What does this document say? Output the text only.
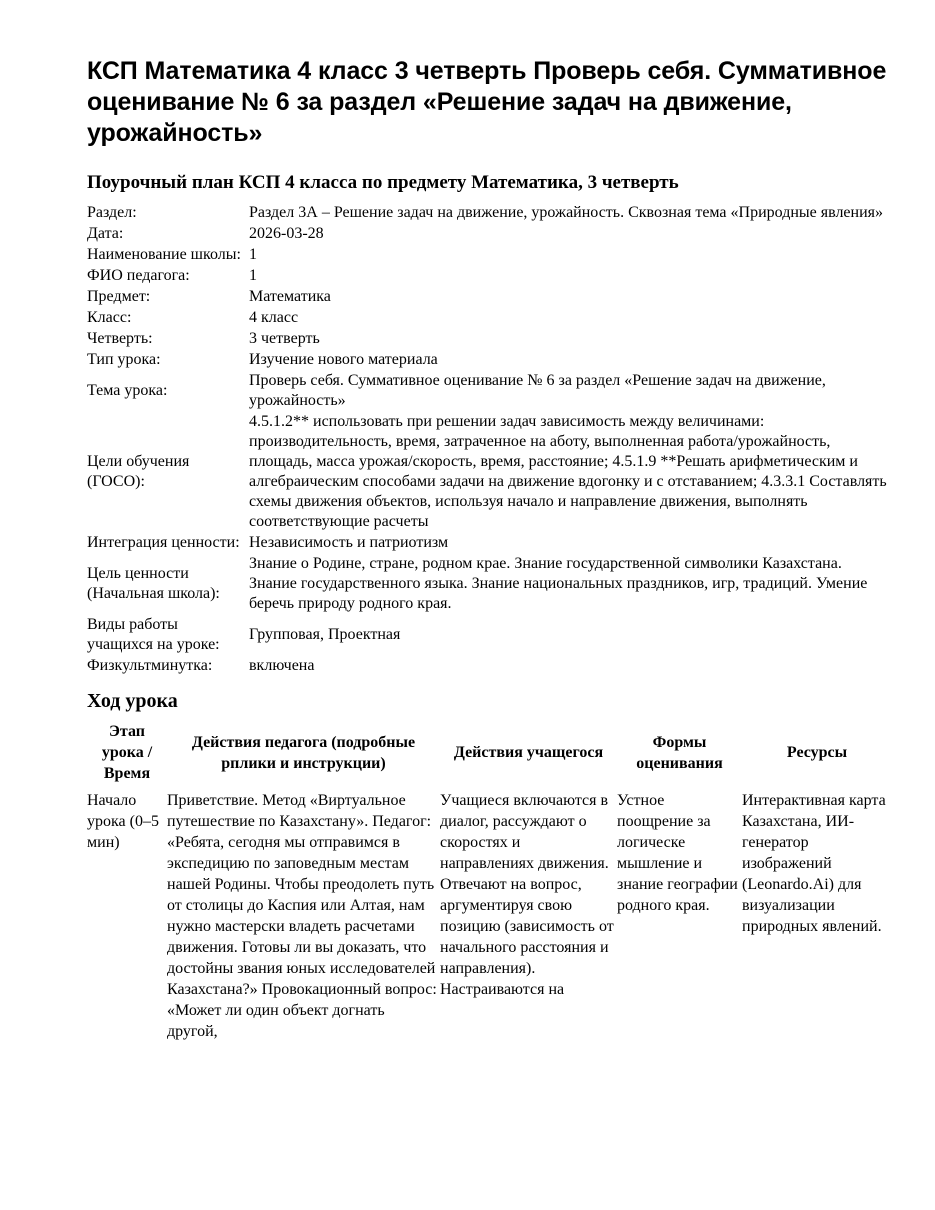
КСП Математика 4 класс 3 четверть Проверь себя. Суммативное оценивание № 6 за раздел «Решение задач на движение, урожайность»
Поурочный план КСП 4 класса по предмету Математика, 3 четверть
Раздел:	Раздел 3А – Решение задач на движение, урожайность. Сквозная тема «Природные явления»
Дата:	2026-03-28
Наименование школы:	1
ФИО педагога:	1
Предмет:	Математика
Класс:	4 класс
Четверть:	3 четверть
Тип урока:	Изучение нового материала
Тема урока:	Проверь себя. Суммативное оценивание № 6 за раздел «Решение задач на движение, урожайность»
Цели обучения (ГОСО):	4.5.1.2** использовать при решении задач зависимость между величинами: производительность, время, затраченное на аботу, выполненная работа/урожайность, площадь, масса урожая/скорость, время, расстояние; 4.5.1.9 **Решать арифметическим и алгебраическим способами задачи на движение вдогонку и с отставанием; 4.3.3.1 Составлять схемы движения объектов, используя начало и направление движения, выполнять соответствующие расчеты
Интеграция ценности:	Независимость и патриотизм
Цель ценности (Начальная школа):	Знание о Родине, стране, родном крае. Знание государственной символики Казахстана. Знание государственного языка. Знание национальных праздников, игр, традиций. Умение беречь природу родного края.
Виды работы учащихся на уроке:	Групповая, Проектная
Физкультминутка:	включена
Ход урока
Этап урока / Время	Действия педагога (подробные рплики и инструкции)	Действия учащегося	Формы оценивания	Ресурсы
Начало урока (0–5 мин)	Приветствие. Метод «Виртуальное путешествие по Казахстану». Педагог: «Ребята, сегодня мы отправимся в экспедицию по заповедным местам нашей Родины. Чтобы преодолеть путь от столицы до Каспия или Алтая, нам нужно мастерски владеть расчетами движения. Готовы ли вы доказать, что достойны звания юных исследователей Казахстана?» Провокационный вопрос: «Может ли один объект догнать другой,	Учащиеся включаются в диалог, рассуждают о скоростях и направлениях движения. Отвечают на вопрос, аргументируя свою позицию (зависимость от начального расстояния и направления). Настраиваются на	Устное поощрение за логическе мышление и знание географии родного края.	Интерактивная карта Казахстана, ИИ-генератор изображений (Leonardo.Ai) для визуализации природных явлений.
